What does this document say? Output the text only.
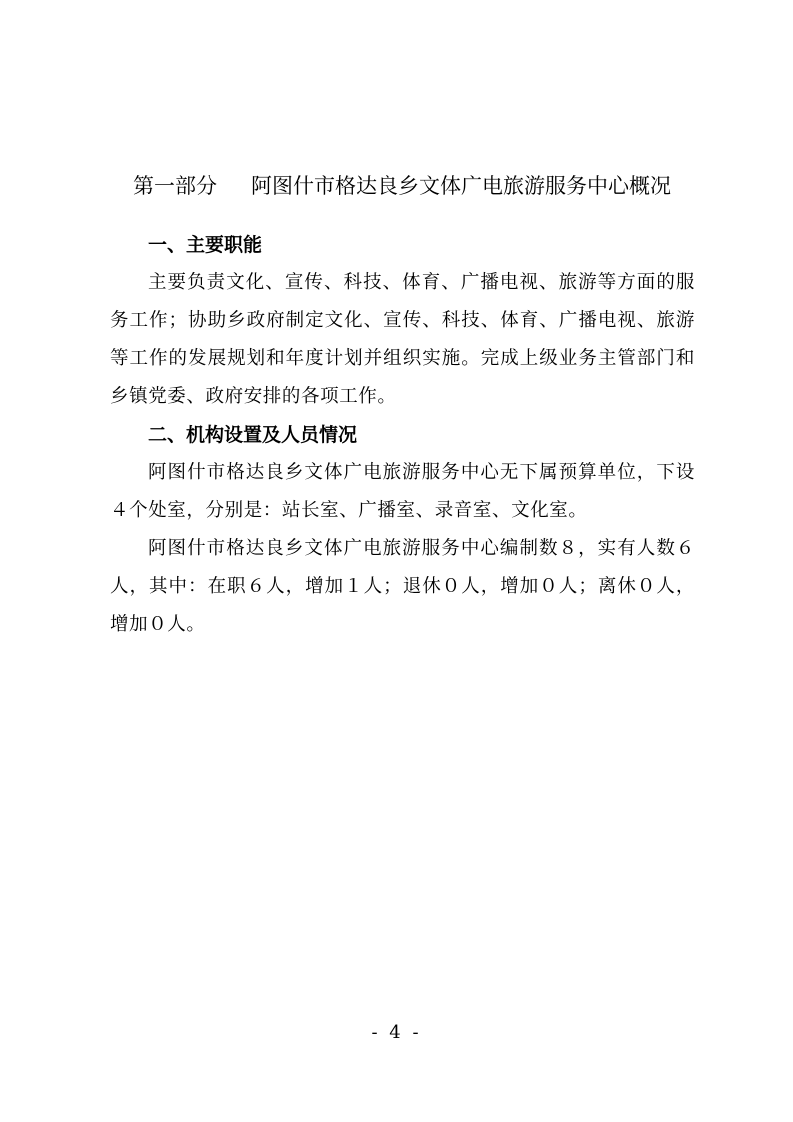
第一部分 阿图什市格达良乡文体广电旅游服务中心概况
一、主要职能

主要负责文化、宣传、科技、体育、广播电视、旅游等方面的服务工作；协助乡政府制定文化、宣传、科技、体育、广播电视、旅游等工作的发展规划和年度计划并组织实施。完成上级业务主管部门和乡镇党委、政府安排的各项工作。

二、机构设置及人员情况

阿图什市格达良乡文体广电旅游服务中心无下属预算单位，下设４个处室，分别是：站长室、广播室、录音室、文化室。

阿图什市格达良乡文体广电旅游服务中心编制数８，实有人数６人，其中：在职６人，增加１人；退休０人，增加０人；离休０人，增加０人。

- 4 -
